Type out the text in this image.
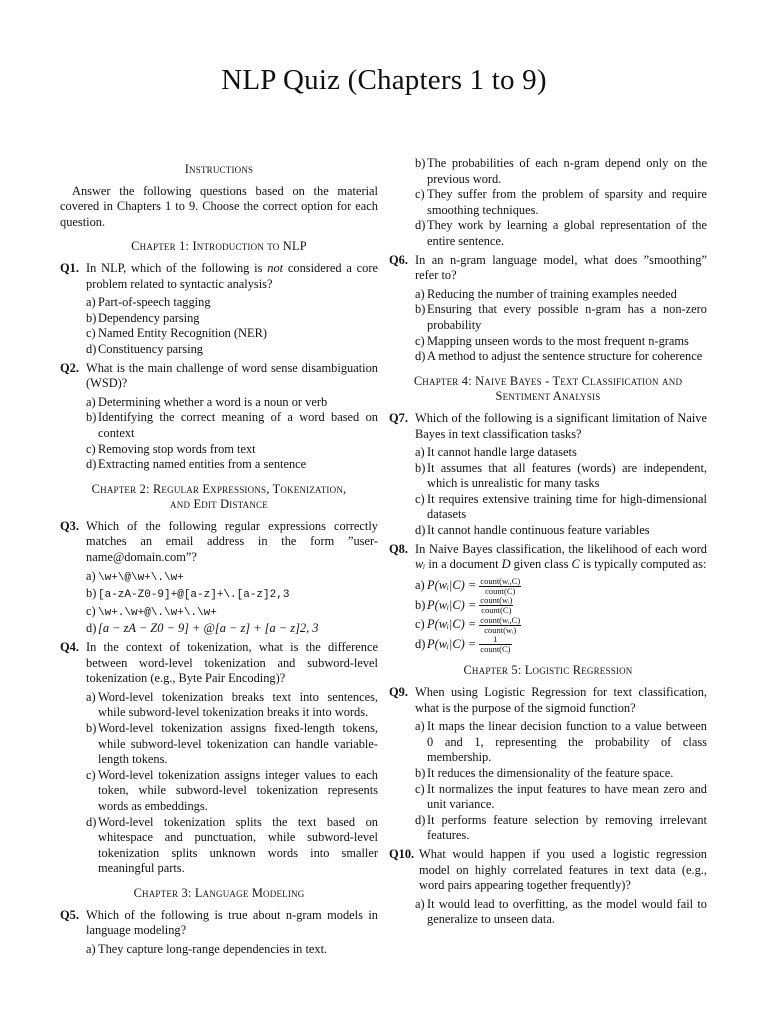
NLP Quiz (Chapters 1 to 9)
Instructions

Answer the following questions based on the material covered in Chapters 1 to 9. Choose the correct option for each question.

Chapter 1: Introduction to NLP
Q1. In NLP, which of the following is not considered a core problem related to syntactic analysis?
a) Part-of-speech tagging
b) Dependency parsing
c) Named Entity Recognition (NER)
d) Constituency parsing
Q2. What is the main challenge of word sense disambiguation (WSD)?
a) Determining whether a word is a noun or verb
b) Identifying the correct meaning of a word based on context
c) Removing stop words from text
d) Extracting named entities from a sentence
Chapter 2: Regular Expressions, Tokenization,
and Edit Distance
Q3. Which of the following regular expressions correctly matches an email address in the form ”user-name@domain.com”?
a) \w+\@\w+\.\w+
b) [a-zA-Z0-9]+@[a-z]+\.[a-z]2,3
c) \w+.\w+@\.\w+\.\w+
d) [a − zA − Z0 − 9] + @[a − z] + [a − z]2, 3
Q4. In the context of tokenization, what is the difference between word-level tokenization and subword-level tokenization (e.g., Byte Pair Encoding)?
a) Word-level tokenization breaks text into sentences, while subword-level tokenization breaks it into words.
b) Word-level tokenization assigns fixed-length tokens, while subword-level tokenization can handle variable-length tokens.
c) Word-level tokenization assigns integer values to each token, while subword-level tokenization represents words as embeddings.
d) Word-level tokenization splits the text based on whitespace and punctuation, while subword-level tokenization splits unknown words into smaller meaningful parts.
Chapter 3: Language Modeling
Q5. Which of the following is true about n-gram models in language modeling?
a) They capture long-range dependencies in text.
b) The probabilities of each n-gram depend only on the previous word.
c) They suffer from the problem of sparsity and require smoothing techniques.
d) They work by learning a global representation of the entire sentence.
Q6. In an n-gram language model, what does ”smoothing” refer to?
a) Reducing the number of training examples needed
b) Ensuring that every possible n-gram has a non-zero probability
c) Mapping unseen words to the most frequent n-grams
d) A method to adjust the sentence structure for coherence
Chapter 4: Naive Bayes - Text Classification and
Sentiment Analysis
Q7. Which of the following is a significant limitation of Naive Bayes in text classification tasks?
a) It cannot handle large datasets
b) It assumes that all features (words) are independent, which is unrealistic for many tasks
c) It requires extensive training time for high-dimensional datasets
d) It cannot handle continuous feature variables
Q8. In Naive Bayes classification, the likelihood of each word wᵢ in a document D given class C is typically computed as:
a) P(wᵢ|C) = $\frac{\text{count(wᵢ,C)}}{\text{count(C)}}$
b) P(wᵢ|C) = $\frac{\text{count(wᵢ)}}{\text{count(C)}}$
c) P(wᵢ|C) = $\frac{\text{count(wᵢ,C)}}{\text{count(wᵢ)}}$
d) P(wᵢ|C) = $\frac{1}{\text{count(C)}}$
Chapter 5: Logistic Regression
Q9. When using Logistic Regression for text classification, what is the purpose of the sigmoid function?
a) It maps the linear decision function to a value between 0 and 1, representing the probability of class membership.
b) It reduces the dimensionality of the feature space.
c) It normalizes the input features to have mean zero and unit variance.
d) It performs feature selection by removing irrelevant features.
Q10. What would happen if you used a logistic regression model on highly correlated features in text data (e.g., word pairs appearing together frequently)?
a) It would lead to overfitting, as the model would fail to generalize to unseen data.
